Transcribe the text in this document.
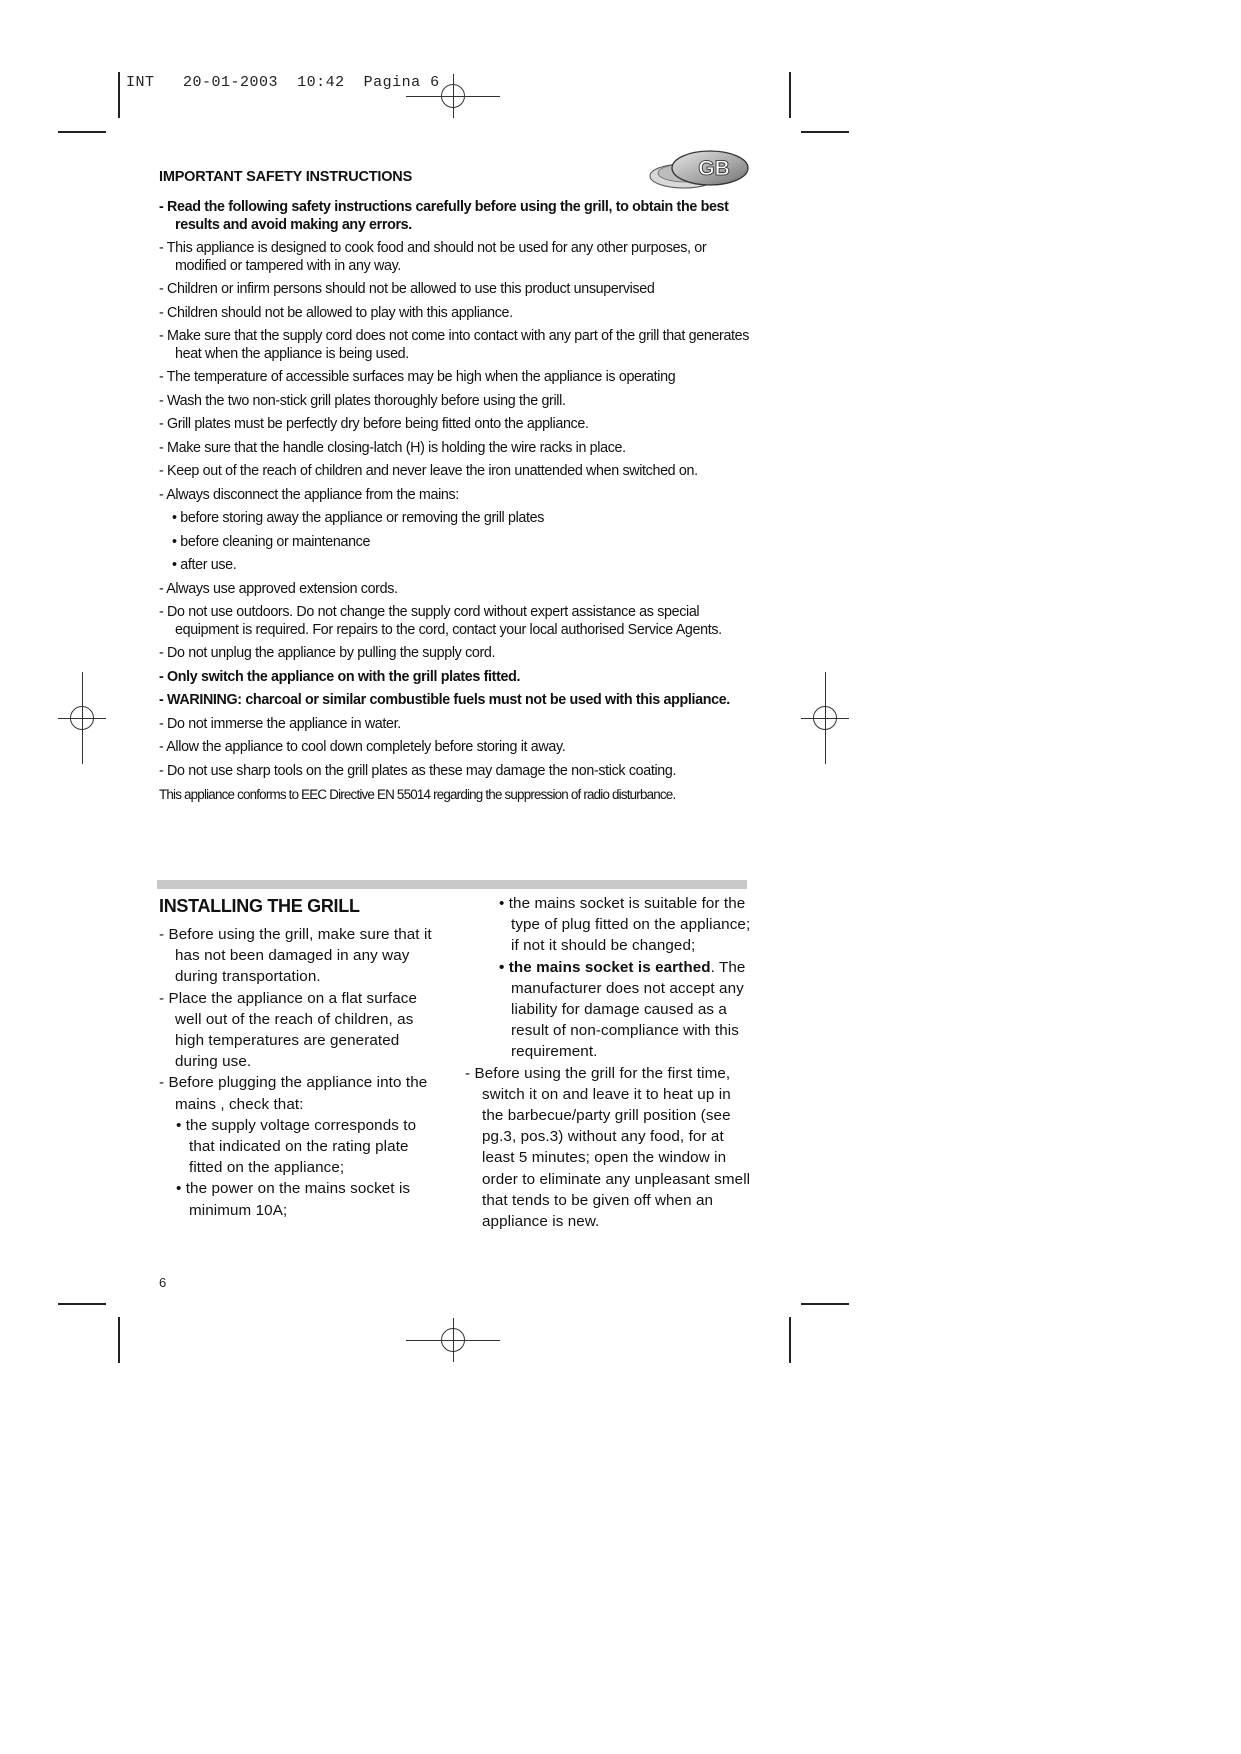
INT 20-01-2003 10:42 Pagina 6
GB
IMPORTANT SAFETY INSTRUCTIONS
- Read the following safety instructions carefully before using the grill, to obtain the best results and avoid making any errors.
- This appliance is designed to cook food and should not be used for any other purposes, or modified or tampered with in any way.
- Children or infirm persons should not be allowed to use this product unsupervised
- Children should not be allowed to play with this appliance.
- Make sure that the supply cord does not come into contact with any part of the grill that generates heat when the appliance is being used.
- The temperature of accessible surfaces may be high when the appliance is operating
- Wash the two non-stick grill plates thoroughly before using the grill.
- Grill plates must be perfectly dry before being fitted onto the appliance.
- Make sure that the handle closing-latch (H) is holding the wire racks in place.
- Keep out of the reach of children and never leave the iron unattended when switched on.
- Always disconnect the appliance from the mains:
• before storing away the appliance or removing the grill plates
• before cleaning or maintenance
• after use.
- Always use approved extension cords.
- Do not use outdoors. Do not change the supply cord without expert assistance as special equipment is required. For repairs to the cord, contact your local authorised Service Agents.
- Do not unplug the appliance by pulling the supply cord.
- Only switch the appliance on with the grill plates fitted.
- WARINING: charcoal or similar combustible fuels must not be used with this appliance.
- Do not immerse the appliance in water.
- Allow the appliance to cool down completely before storing it away.
- Do not use sharp tools on the grill plates as these may damage the non-stick coating.
This appliance conforms to EEC Directive EN 55014 regarding the suppression of radio disturbance.
INSTALLING THE GRILL
- Before using the grill, make sure that it has not been damaged in any way during transportation.
- Place the appliance on a flat surface well out of the reach of children, as high temperatures are generated during use.
- Before plugging the appliance into the mains , check that:
• the supply voltage corresponds to that indicated on the rating plate fitted on the appliance;
• the power on the mains socket is minimum 10A;
• the mains socket is suitable for the type of plug fitted on the appliance; if not it should be changed;
• the mains socket is earthed. The manufacturer does not accept any liability for damage caused as a result of non-compliance with this requirement.
- Before using the grill for the first time, switch it on and leave it to heat up in the barbecue/party grill position (see pg.3, pos.3) without any food, for at least 5 minutes; open the window in order to eliminate any unpleasant smell that tends to be given off when an appliance is new.
6
